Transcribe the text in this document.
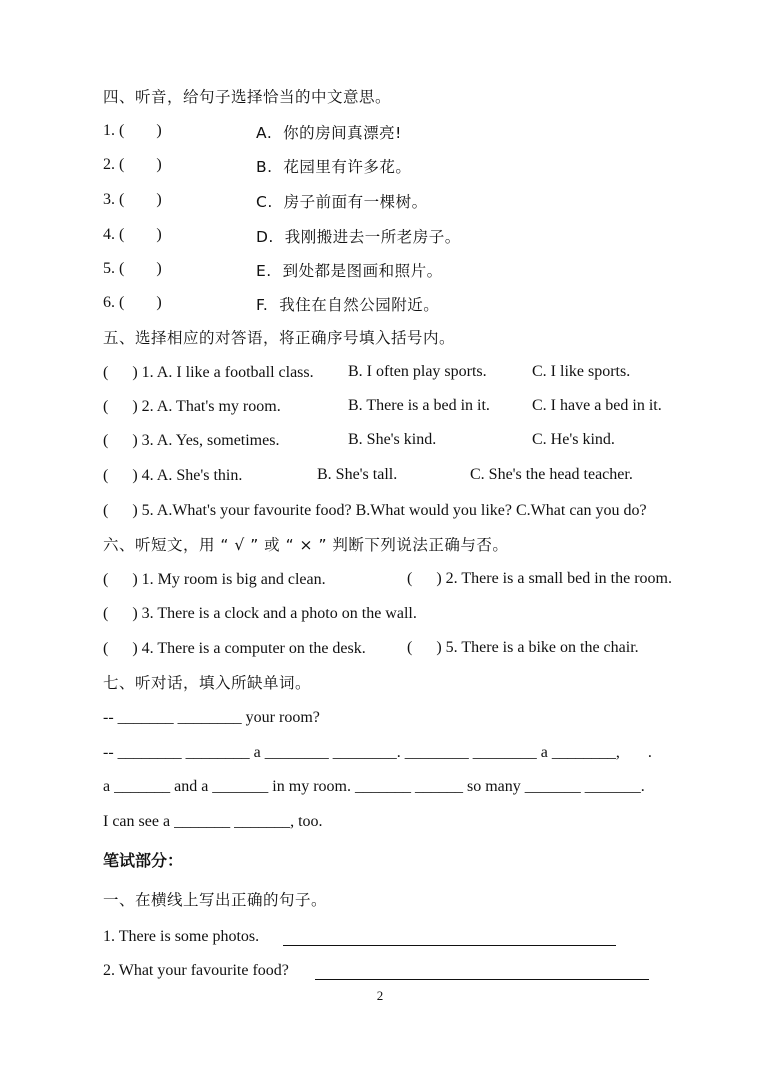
四、听音，给句子选择恰当的中文意思。
1. (        )	A.  你的房间真漂亮!
2. (        )	B.  花园里有许多花。
3. (        )	C.  房子前面有一棵树。
4. (        )	D.  我刚搬进去一所老房子。
5. (        )	E.  到处都是图画和照片。
6. (        )	F.  我住在自然公园附近。
五、选择相应的对答语，将正确序号填入括号内。
(      ) 1. A. I like a football class. B. I often play sports.	C. I like sports.
(      ) 2. A. That's my room.	B. There is a bed in it.	C. I have a bed in it.
(      ) 3. A. Yes, sometimes.	B. She's kind.	C. He's kind.
(      ) 4. A. She's thin.	B. She's tall.	C. She's the head teacher.
(      ) 5. A.What's your favourite food? B.What would you like? C.What can you do?
六、听短文，用 “ √ ” 或 “ × ” 判断下列说法正确与否。
(      ) 1. My room is big and clean.	(      ) 2. There is a small bed in the room.
(      ) 3. There is a clock and a photo on the wall.
(      ) 4. There is a computer on the desk.	(      ) 5. There is a bike on the chair.
七、听对话，填入所缺单词。
-- _______ ________ your room?
-- ________ ________ a ________ ________. ________ ________ a ________,       .
a _______ and a _______ in my room. _______ ______ so many _______ _______.
I can see a _______ _______, too.
笔试部分：
一、在横线上写出正确的句子。
1. There is some photos.
2. What your favourite food?
2
